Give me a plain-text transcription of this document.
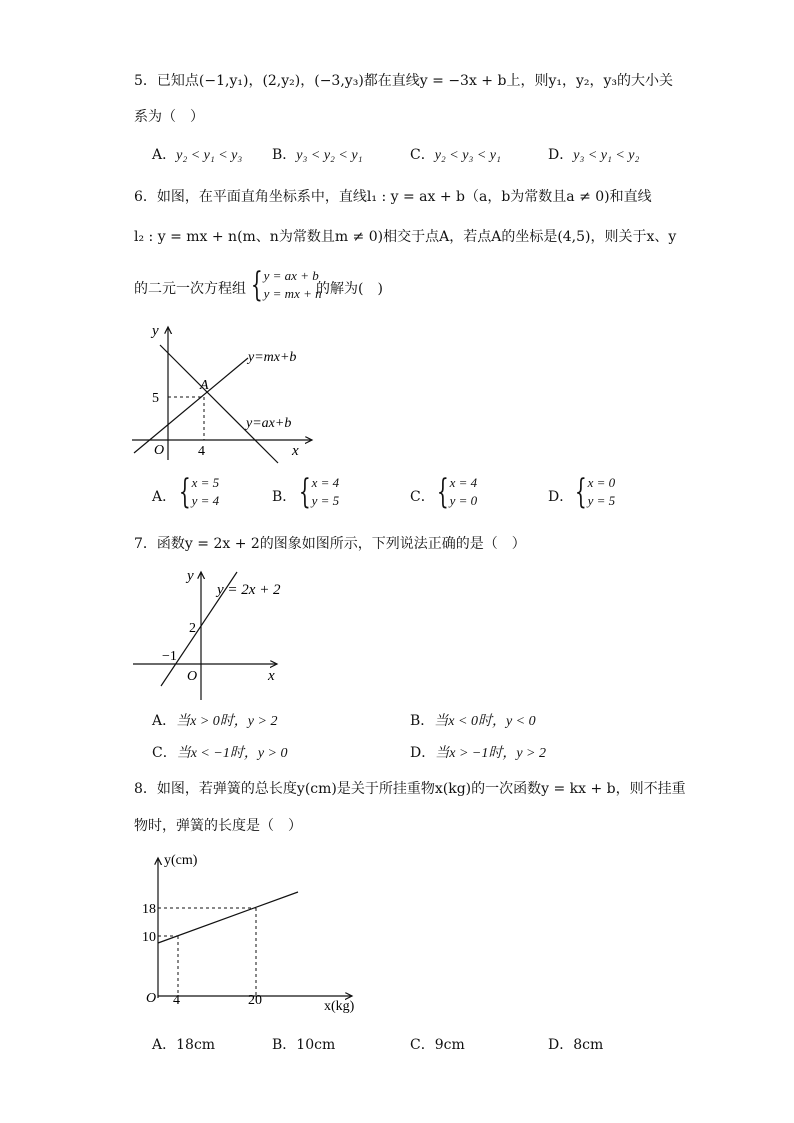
5．已知点(−1,y₁)，(2,y₂)，(−3,y₃)都在直线y = −3x + b上，则y₁，y₂，y₃的大小关
系为（　）
A．y₂ < y₁ < y₃ B．y₃ < y₂ < y₁	C．y₂ < y₃ < y₁	D．y₃ < y₁ < y₂
6．如图，在平面直角坐标系中，直线l₁ : y = ax + b（a，b为常数且a ≠ 0)和直线
l₂ : y = mx + n(m、n为常数且m ≠ 0)相交于点A，若点A的坐标是(4,5)，则关于x、y
的二元一次方程组 { y = ax + b
y = mx + n
的解为(　)
y
x
O
A
5
4
y=mx+b
y=ax+b
A． { x = 5
y = 4	B． { x = 4
y = 5	C． { x = 4
y = 0	D． { x = 0
y = 5
7．函数y = 2x + 2的图象如图所示，下列说法正确的是（　）
y
x
O
2
−1
y = 2x + 2
A．当x > 0时，y > 2	B．当x < 0时，y < 0
C．当x < −1时，y > 0	D．当x > −1时，y > 2
8．如图，若弹簧的总长度y(cm)是关于所挂重物x(kg)的一次函数y = kx + b，则不挂重
物时，弹簧的长度是（　）
y(cm)
x(kg)
O
18
10
4	20
A．18cm	B．10cm	C．9cm	D．8cm
